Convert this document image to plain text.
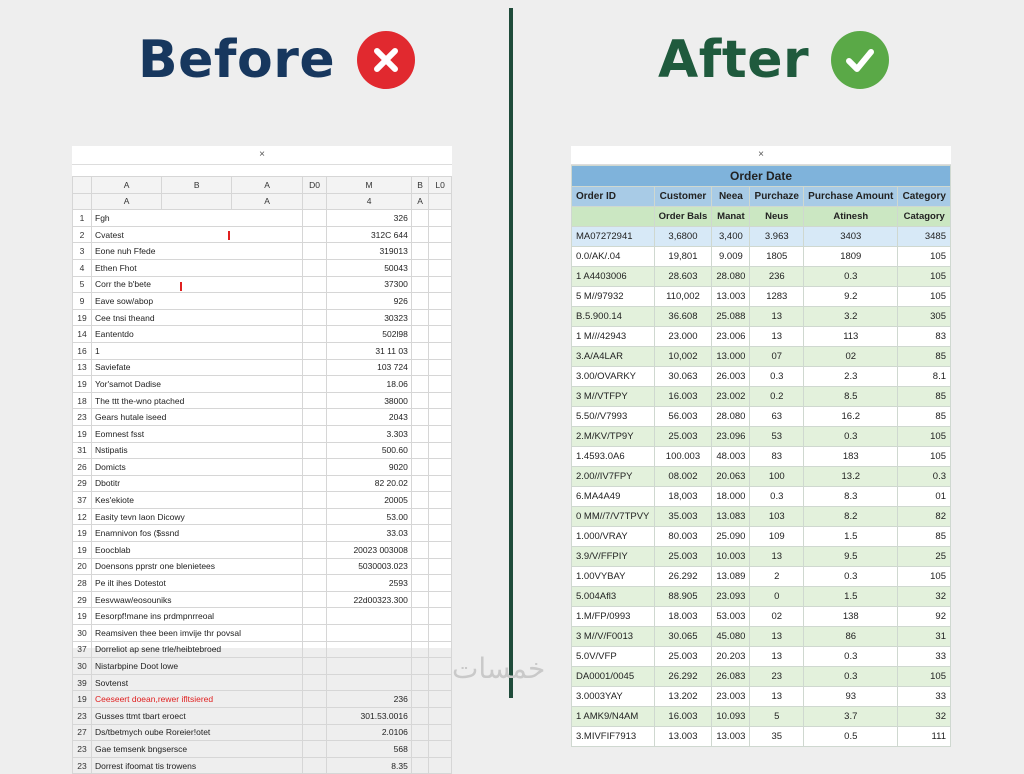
Before	After
×
	A	B	A	D0	M	B	L0
	A		A		4	A	
1	Fgh				326		
2	Cvatest				312C 644		
3	Eone nuh Ffede				319013		
4	Ethen Fhot				50043		
5	Corr the b'bete				37300		
9	Eave sow/abop				926		
19	Cee tnsi theand				30323		
14	Eantentdo				502l98		
16	1				31 11 03		
13	Saviefate				103 724		
19	Yor'samot Dadise				18.06		
18	The ttt the-wno ptached				38000		
23	Gears hutale iseed				2043		
19	Eomnest fsst				3.303		
31	Nstipatis				500.60		
26	Domicts				9020		
29	Dbotitr				82 20.02		
37	Kes'ekiote				20005		
12	Easity tevn laon Dicowy				53.00		
19	Enamnivon fos ($ssnd				33.03		
19	Eoocblab				20023 003008		
20	Doensons pprstr one blenietees				5030003.023		
28	Pe ilt ihes Dotestot				2593		
29	Eesvwaw/eosouniks				22d00323.300		
19	Eesorpf!mane ins prdmpnrreoal						
30	Reamsiven thee been imvije thr povsal						
37	Dorreliot ap sene trle/heibtebroed						
30	Nistarbpine Doot lowe						
39	Sovtenst						
19	Ceeseert doean,rewer ifltsiered				236		
23	Gusses ttmt tbart eroect				301.53.0016		
27	Ds/tbetmych oube Roreier!otet				2.0106		
23	Gae temsenk bngsersce				568		
23	Dorrest ifoomat tis trowens				8.35		
×
Order Date					
Order ID	Customer	Neea	Purchaze	Purchase Amount	Category
	Order Bals	Manat	Neus	Atinesh	Catagory
MA07272941	3,6800	3,400	3.963	3403	3485
0.0/AK/.04	19,801	9.009	1805	1809	105
1 A4403006	28.603	28.080	236	0.3	105
5 M//97932	110,002	13.003	1283	9.2	105
B.5.900.14	36.608	25.088	13	3.2	305
1 M///42943	23.000	23.006	13	113	83
3.A/A4LAR	10,002	13.000	07	02	85
3.00/OVARKY	30.063	26.003	0.3	2.3	8.1
3 M//VTFPY	16.003	23.002	0.2	8.5	85
5.50//V7993	56.003	28.080	63	16.2	85
2.M/KV/TP9Y	25.003	23.096	53	0.3	105
1.4593.0A6	100.003	48.003	83	183	105
2.00//IV7FPY	08.002	20.063	100	13.2	0.3
6.MA4A49	18,003	18.000	0.3	8.3	01
0 MM//7/V7TPVY	35.003	13.083	103	8.2	82
1.000/VRAY	80.003	25.090	109	1.5	85
3.9/V/FFPIY	25.003	10.003	13	9.5	25
1.00VYBAY	26.292	13.089	2	0.3	105
5.004Afl3	88.905	23.093	0	1.5	32
1.M/FP/0993	18.003	53.003	02	138	92
3 M//V/F0013	30.065	45.080	13	86	31
5.0V/VFP	25.003	20.203	13	0.3	33
DA0001/0045	26.292	26.083	23	0.3	105
3.0003YAY	13.202	23.003	13	93	33
1 AMK9/N4AM	16.003	10.093	5	3.7	32
3.MIVFIF7913	13.003	13.003	35	0.5	111
خمسات
